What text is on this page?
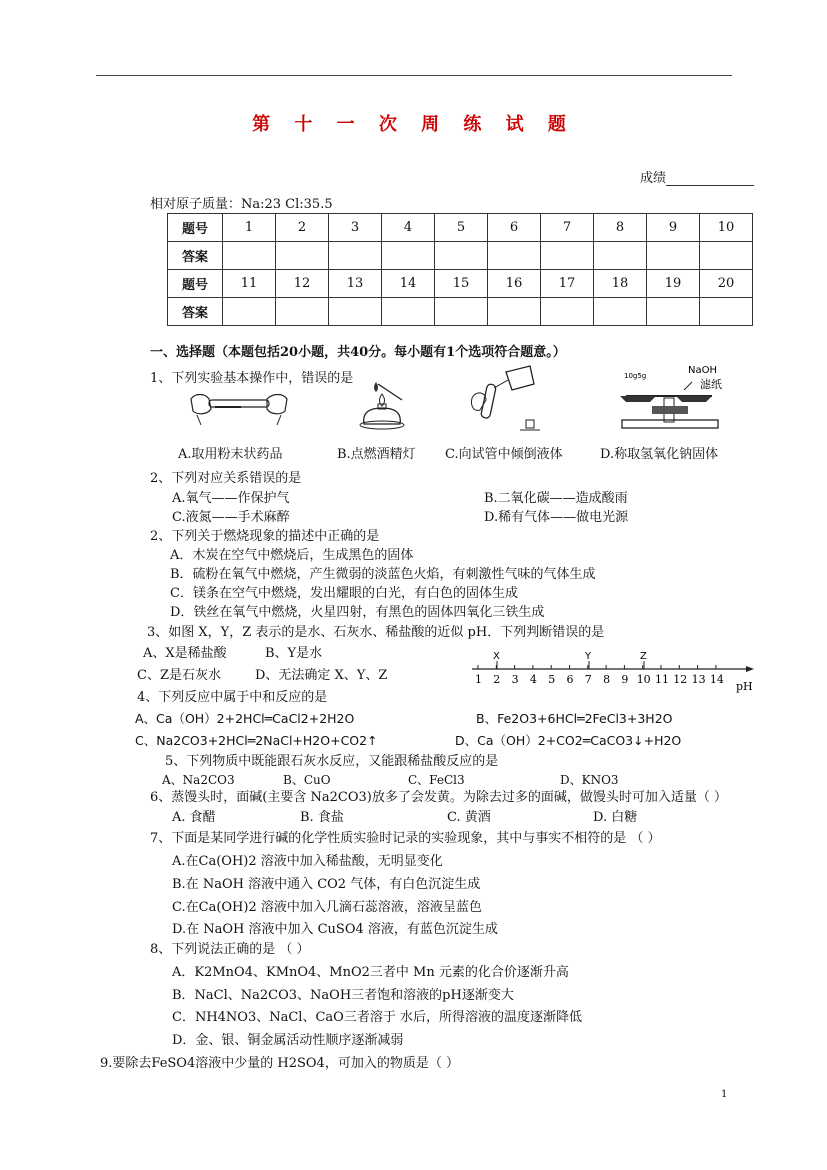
第 十 一 次 周 练 试 题
成绩
相对原子质量：Na:23 Cl:35.5
题号	1	2	3	4	5	6	7	8	9	10
答案										
题号	11	12	13	14	15	16	17	18	19	20
答案										
一、选择题（本题包括20小题，共40分。每小题有1个选项符合题意。）
1、下列实验基本操作中，错误的是	10g5g	NaOH
滤纸
A.取用粉末状药品	B.点燃酒精灯 C.向试管中倾倒液体	D.称取氢氧化钠固体
2、下列对应关系错误的是
A.氧气——作保护气	B.二氧化碳——造成酸雨
C.液氮——手术麻醉	D.稀有气体——做电光源
2、下列关于燃烧现象的描述中正确的是
A．木炭在空气中燃烧后，生成黑色的固体
B．硫粉在氧气中燃烧，产生微弱的淡蓝色火焰，有刺激性气味的气体生成
C．镁条在空气中燃烧，发出耀眼的白光，有白色的固体生成
D．铁丝在氧气中燃烧，火星四射，有黑色的固体四氧化三铁生成
3、如图 X，Y，Z 表示的是水、石灰水、稀盐酸的近似 pH．下列判断错误的是
A、X是稀盐酸	B、Y是水
C、Z是石灰水	D、无法确定 X、Y、Z	1 2 3 4 5 6 7 8 9 10 11 12 13 14
pH
X	Y	Z
4、下列反应中属于中和反应的是
A、Ca（OH）2+2HCl═CaCl2+2H2O	B、Fe2O3+6HCl═2FeCl3+3H2O
C、Na2CO3+2HCl═2NaCl+H2O+CO2↑	D、Ca（OH）2+CO2═CaCO3↓+H2O
5、下列物质中既能跟石灰水反应，又能跟稀盐酸反应的是
A、Na2CO3	B、CuO	C、FeCl3	D、KNO3
6、蒸馒头时，面碱(主要含 Na2CO3)放多了会发黄。为除去过多的面碱，做馒头时可加入适量（ ）
A. 食醋	B. 食盐	C. 黄酒	D. 白糖
7、下面是某同学进行碱的化学性质实验时记录的实验现象，其中与事实不相符的是 （ ）
A.在Ca(OH)2 溶液中加入稀盐酸，无明显变化
B.在 NaOH 溶液中通入 CO2 气体，有白色沉淀生成
C.在Ca(OH)2 溶液中加入几滴石蕊溶液，溶液呈蓝色
D.在 NaOH 溶液中加入 CuSO4 溶液，有蓝色沉淀生成
8、下列说法正确的是 （ ）
A．K2MnO4、KMnO4、MnO2三者中 Mn 元素的化合价逐渐升高
B．NaCl、Na2CO3、NaOH三者饱和溶液的pH逐渐变大
C．NH4NO3、NaCl、CaO三者溶于 水后，所得溶液的温度逐渐降低
D．金、银、铜金属活动性顺序逐渐减弱
9.要除去FeSO4溶液中少量的 H2SO4，可加入的物质是（ ）
1
